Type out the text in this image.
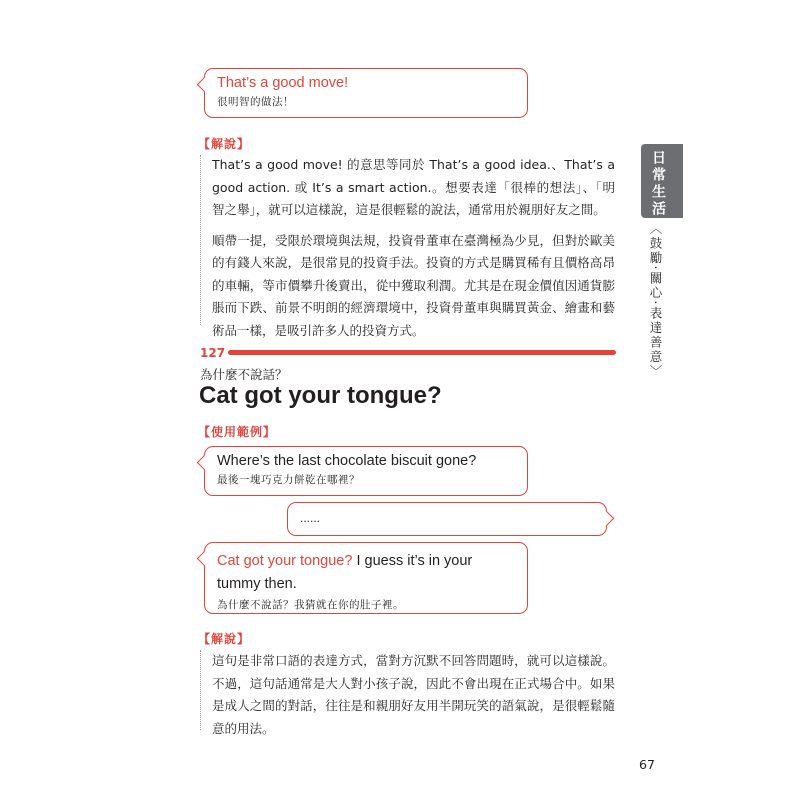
That’s a good move!
很明智的做法！
【解說】

That’s a good move! 的意思等同於 That’s a good idea.、That’s a good action. 或 It’s a smart action.。想要表達「很棒的想法」、「明智之舉」，就可以這樣說，這是很輕鬆的說法，通常用於親朋好友之間。

順帶一提，受限於環境與法規，投資骨董車在臺灣極為少見，但對於歐美的有錢人來說，是很常見的投資手法。投資的方式是購買稀有且價格高昂的車輛，等市價攀升後賣出，從中獲取利潤。尤其是在現金價值因通貨膨脹而下跌、前景不明朗的經濟環境中，投資骨董車與購買黃金、繪畫和藝術品一樣，是吸引許多人的投資方式。

127
為什麼不說話？
Cat got your tongue?
【使用範例】
Where’s the last chocolate biscuit gone?
最後一塊巧克力餅乾在哪裡？
......
Cat got your tongue? I guess it’s in your tummy then.
為什麼不說話？我猜就在你的肚子裡。
【解說】

這句是非常口語的表達方式，當對方沉默不回答問題時，就可以這樣說。不過，這句話通常是大人對小孩子說，因此不會出現在正式場合中。如果是成人之間的對話，往往是和親朋好友用半開玩笑的語氣說，是很輕鬆隨意的用法。

日常生活
〈鼓勵‧關心‧表達善意〉
67
